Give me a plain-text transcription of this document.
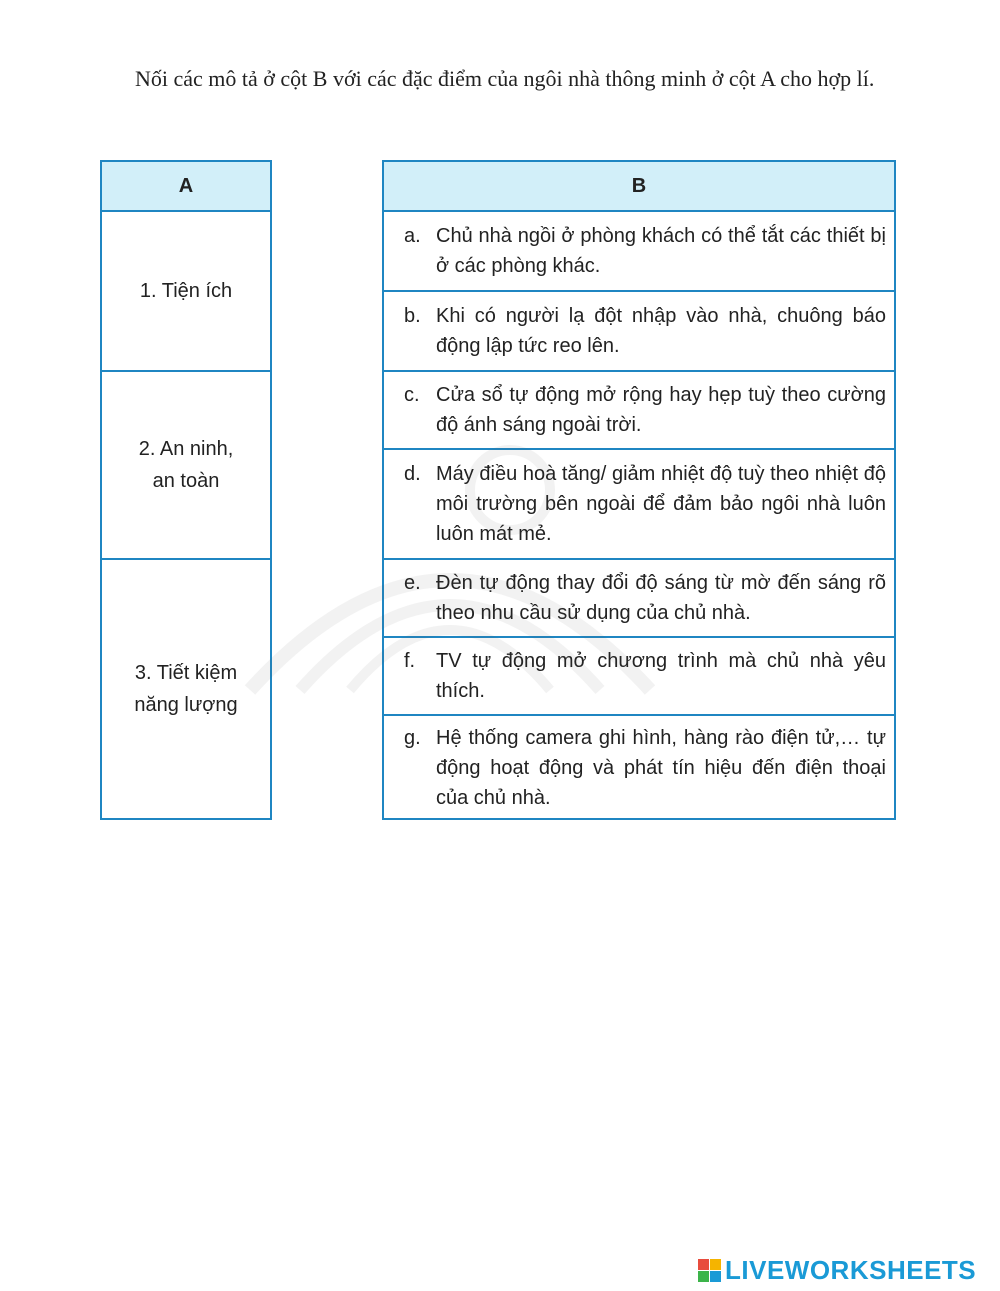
Nối các mô tả ở cột B với các đặc điểm của ngôi nhà thông minh ở cột A cho hợp lí.
A
1. Tiện ích
2. An ninh,
an toàn
3. Tiết kiệm
năng lượng
B
a. Chủ nhà ngồi ở phòng khách có thể tắt các thiết bị ở các phòng khác.
b. Khi có người lạ đột nhập vào nhà, chuông báo động lập tức reo lên.
c. Cửa sổ tự động mở rộng hay hẹp tuỳ theo cường độ ánh sáng ngoài trời.
d. Máy điều hoà tăng/ giảm nhiệt độ tuỳ theo nhiệt độ môi trường bên ngoài để đảm bảo ngôi nhà luôn luôn mát mẻ.
e. Đèn tự động thay đổi độ sáng từ mờ đến sáng rõ theo nhu cầu sử dụng của chủ nhà.
f.	TV tự động mở chương trình mà chủ nhà yêu thích.
g. Hệ thống camera ghi hình, hàng rào điện tử,… tự động hoạt động và phát tín hiệu đến điện thoại của chủ nhà.
LIVEWORKSHEETS
